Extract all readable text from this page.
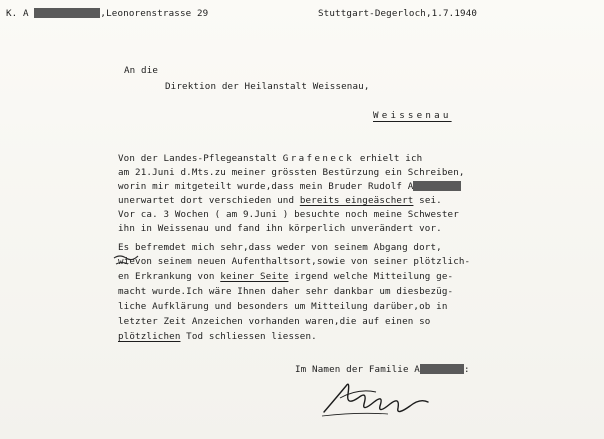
K. A	,Leonorenstrasse 29	Stuttgart-Degerloch,1.7.1940
An die
Direktion der Heilanstalt Weissenau,
Weissenau
Von der Landes-Pflegeanstalt Grafeneck erhielt ich
am 21.Juni d.Mts.zu meiner grössten Bestürzung ein Schreiben,
worin mir mitgeteilt wurde,dass mein Bruder Rudolf A
unerwartet dort verschieden und bereits eingeäschert sei.
Vor ca. 3 Wochen ( am 9.Juni ) besuchte noch meine Schwester
ihn in Weissenau und fand ihn körperlich unverändert vor.
Es befremdet mich sehr,dass weder von seinem Abgang dort,
wievon seinem neuen Aufenthaltsort,sowie von seiner plötzlich-
en Erkrankung von keiner Seite irgend welche Mitteilung ge-
macht wurde.Ich wäre Ihnen daher sehr dankbar um diesbezüg-
liche Aufklärung und besonders um Mitteilung darüber,ob in
letzter Zeit Anzeichen vorhanden waren,die auf einen so
plötzlichen Tod schliessen liessen.
Im Namen der Familie A	:
